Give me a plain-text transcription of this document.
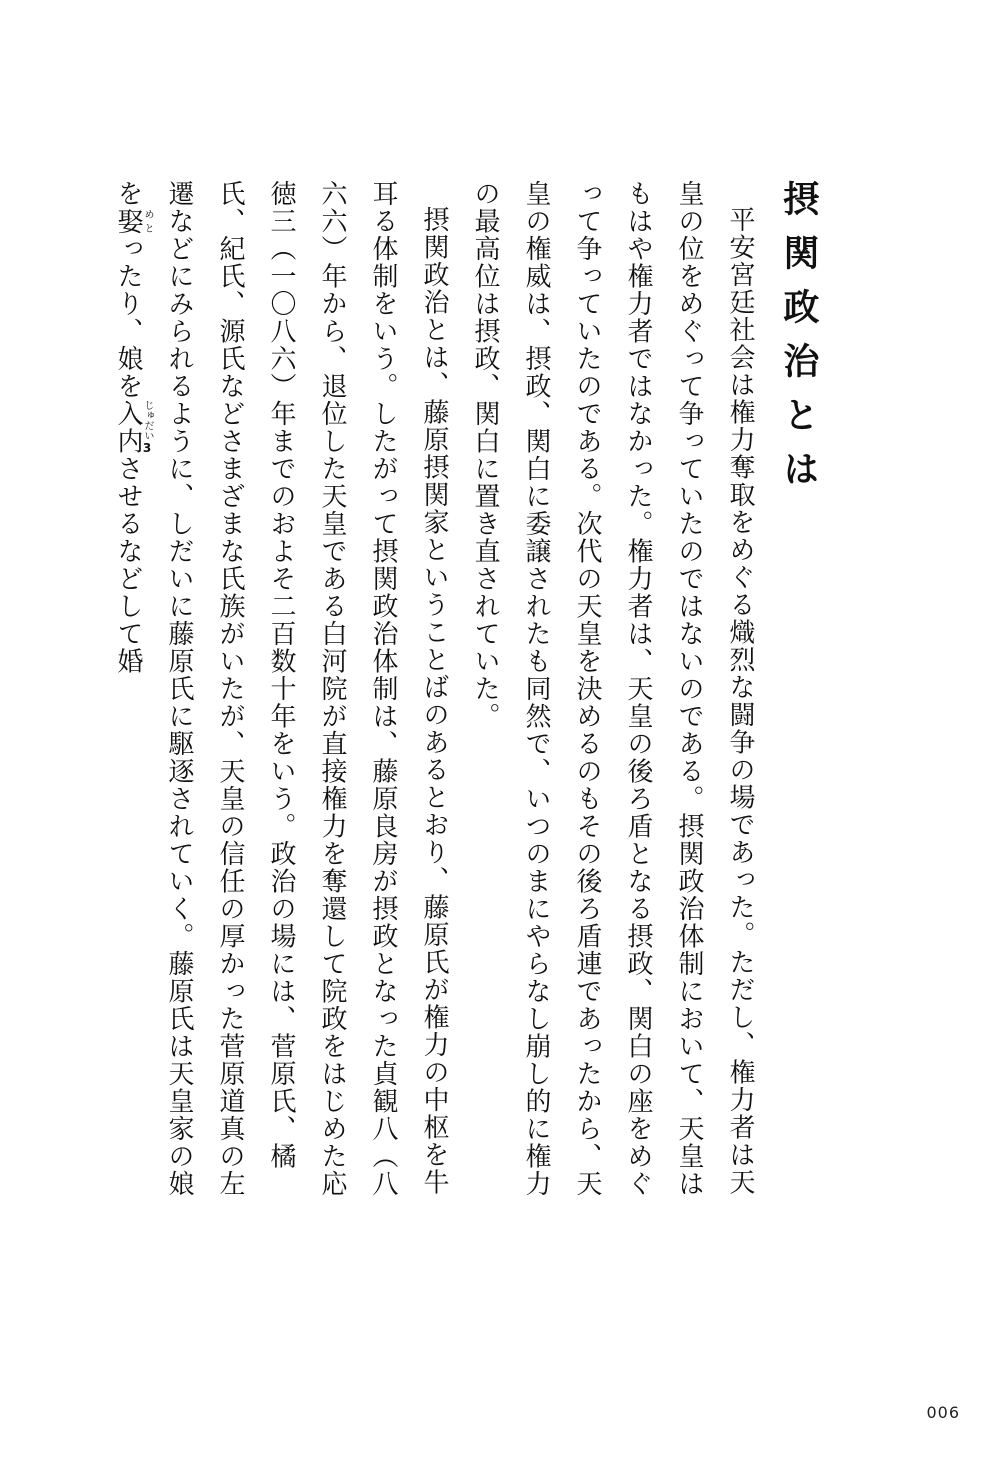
摂関政治とは

平安宮廷社会は権力奪取をめぐる熾烈な闘争の場であった。ただし、権力者は天皇の位をめぐって争っていたのではないのである。摂関政治体制において、天皇はもはや権力者ではなかった。権力者は、天皇の後ろ盾となる摂政、関白の座をめぐって争っていたのである。次代の天皇を決めるのもその後ろ盾連であったから、天皇の権威は、摂政、関白に委譲されたも同然で、いつのまにやらなし崩し的に権力の最高位は摂政、関白に置き直されていた。

摂関政治とは、藤原摂関家ということばのあるとおり、藤原氏が権力の中枢を牛耳る体制をいう。したがって摂関政治体制は、藤原良房が摂政となった貞観八（八六六）年から、退位した天皇である白河院が直接権力を奪還して院政をはじめた応徳三（一〇八六）年までのおよそ二百数十年をいう。政治の場には、菅原氏、橘氏、紀氏、源氏などさまざまな氏族がいたが、天皇の信任の厚かった菅原道真の左遷などにみられるように、しだいに藤原氏に駆逐されていく。藤原氏は天皇家の娘を娶 めとったり、娘を入内 じゅだい3させるなどして婚

006
